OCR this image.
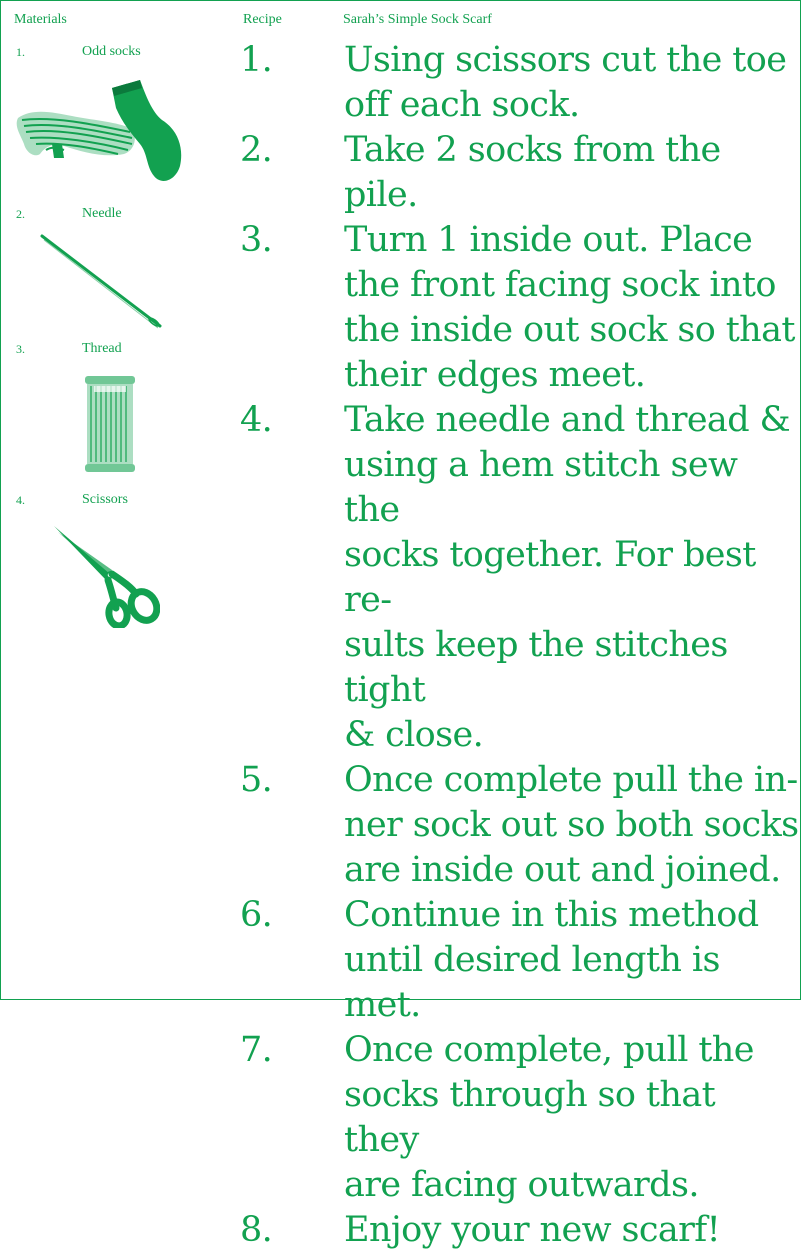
Materials	Recipe	Sarah’s Simple Sock Scarf
1.	Odd socks
2.	Needle
3.	Thread
4.	Scissors
1.	Using scissors cut the toe
off each sock.
2.	Take 2 socks from the pile.
3.	Turn 1 inside out. Place
the front facing sock into
the inside out sock so that
their edges meet.
4.	Take needle and thread &
using a hem stitch sew the
socks together. For best re-
sults keep the stitches tight
& close.
5.	Once complete pull the in-
ner sock out so both socks
are inside out and joined.
6.	Continue in this method
until desired length is met.
7.	Once complete, pull the
socks through so that they
are facing outwards.
8.	Enjoy your new scarf!
